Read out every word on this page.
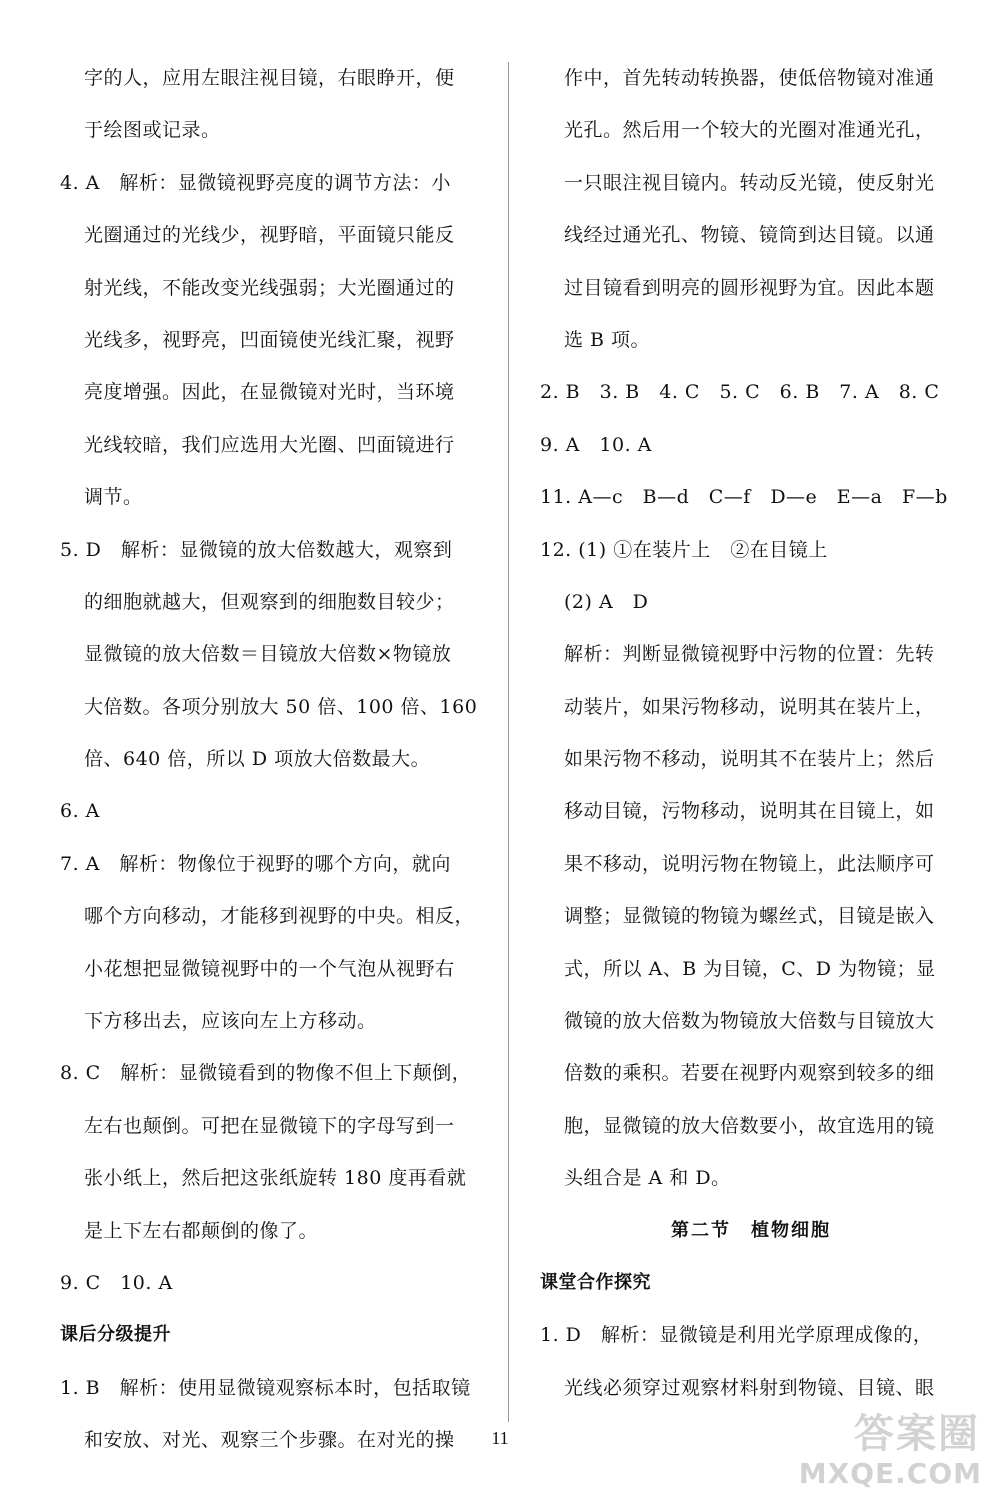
字的人，应用左眼注视目镜，右眼睁开，便
于绘图或记录。
4. A　解析：显微镜视野亮度的调节方法：小
光圈通过的光线少，视野暗，平面镜只能反
射光线，不能改变光线强弱；大光圈通过的
光线多，视野亮，凹面镜使光线汇聚，视野
亮度增强。因此，在显微镜对光时，当环境
光线较暗，我们应选用大光圈、凹面镜进行
调节。
5. D　解析：显微镜的放大倍数越大，观察到
的细胞就越大，但观察到的细胞数目较少；
显微镜的放大倍数＝目镜放大倍数×物镜放
大倍数。各项分别放大 50 倍、100 倍、160
倍、640 倍，所以 D 项放大倍数最大。
6. A
7. A　解析：物像位于视野的哪个方向，就向
哪个方向移动，才能移到视野的中央。相反，
小花想把显微镜视野中的一个气泡从视野右
下方移出去，应该向左上方移动。
8. C　解析：显微镜看到的物像不但上下颠倒，
左右也颠倒。可把在显微镜下的字母写到一
张小纸上，然后把这张纸旋转 180 度再看就
是上下左右都颠倒的像了。
9. C　10. A
课后分级提升
1. B　解析：使用显微镜观察标本时，包括取镜
和安放、对光、观察三个步骤。在对光的操
作中，首先转动转换器，使低倍物镜对准通
光孔。然后用一个较大的光圈对准通光孔，
一只眼注视目镜内。转动反光镜，使反射光
线经过通光孔、物镜、镜筒到达目镜。以通
过目镜看到明亮的圆形视野为宜。因此本题
选 B 项。
2. B　3. B　4. C　5. C　6. B　7. A　8. C
9. A　10. A
11. A—c　B—d　C—f　D—e　E—a　F—b
12. (1) ①在装片上　②在目镜上
(2) A　D
解析：判断显微镜视野中污物的位置：先转
动装片，如果污物移动，说明其在装片上，
如果污物不移动，说明其不在装片上；然后
移动目镜，污物移动，说明其在目镜上，如
果不移动，说明污物在物镜上，此法顺序可
调整；显微镜的物镜为螺丝式，目镜是嵌入
式，所以 A、B 为目镜，C、D 为物镜；显
微镜的放大倍数为物镜放大倍数与目镜放大
倍数的乘积。若要在视野内观察到较多的细
胞，显微镜的放大倍数要小，故宜选用的镜
头组合是 A 和 D。
第二节　植物细胞
课堂合作探究
1. D　解析：显微镜是利用光学原理成像的，
光线必须穿过观察材料射到物镜、目镜、眼
11	答案圈
MXQE.COM
